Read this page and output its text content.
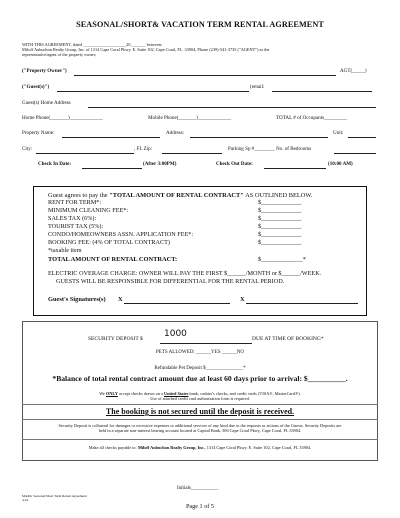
SEASONAL/SHORT& VACATION TERM RENTAL AGREEMENT
WITH THIS AGREEMENT, dated ____________________20_______ between:
Miloff Aubuchon Realty Group, Inc. of 1314 Cape Coral Pkwy. E. Suite 102, Cape Coral, FL. 33904, Phone (239)-541-3735 ("AGENT") as the
representative/agent of the property owner;
("Property Owner")	AGT(_____)
("Guest(s)")	(email:
Guest(s) Home Address
Home Phone(_______)_____________	Mobile Phone(_______)_____________	TOTAL # of Occupants_________
Property Name:	Address:	Unit:
City:	, FL Zip:	Parking Sp #________ No. of Bedrooms
Check In Date:	(After 3:00PM)	Check Out Date:	(10:00 AM)
Guest agrees to pay the "TOTAL AMOUNT OF RENTAL CONTRACT" AS OUTLINED BELOW.
RENT FOR TERM*:	$_____________
MINIMUM CLEANING FEE*:	$_____________
SALES TAX (6%):	$_____________
TOURIST TAX (5%):	$_____________
CONDO/HOMEOWNERS ASSN. APPLICATION FEE*:	$_____________
BOOKING FEE: (4% OF TOTAL CONTRACT)	$_____________
*taxable item
TOTAL AMOUNT OF RENTAL CONTRACT:	$_____________*
ELECTRIC OVERAGE CHARGE: OWNER WILL PAY THE FIRST $______/MONTH or $______/WEEK.
GUESTS WILL BE RESPONSIBLE FOR DIFFERENTIAL FOR THE RENTAL PERIOD.
Guest's Signatures(s) X	X
SECURITY DEPOSIT $ 1000	DUE AT TIME OF BOOKING*
PETS ALLOWED: ______YES ______NO
Refundable Pet Deposit $_______________*
*Balance of total rental contract amount due at least 60 days prior to arrival: $__________.
We ONLY accept checks drawn on a United States bank, cashier's checks, and credit cards (VISA®, MasterCard®).
Use of attached credit card authorization form is required.
The booking is not secured until the deposit is received.
Security Deposit is collateral for damages or excessive expenses or additional services of any kind due to the requests or actions of the Guests. Security Deposits are
held in a separate non-interest bearing account located at Capital Bank, 506 Cape Coral Pkwy, Cape Coral, FL 33904.
Make all checks payable to: Miloff Aubuchon Realty Group, Inc., 1314 Cape Coral Pkwy. E. Suite 102, Cape Coral, FL 33904.
Initials___________
MARG Seasonal/Short Term Rental Agreement
4-19
Page 1 of 5
